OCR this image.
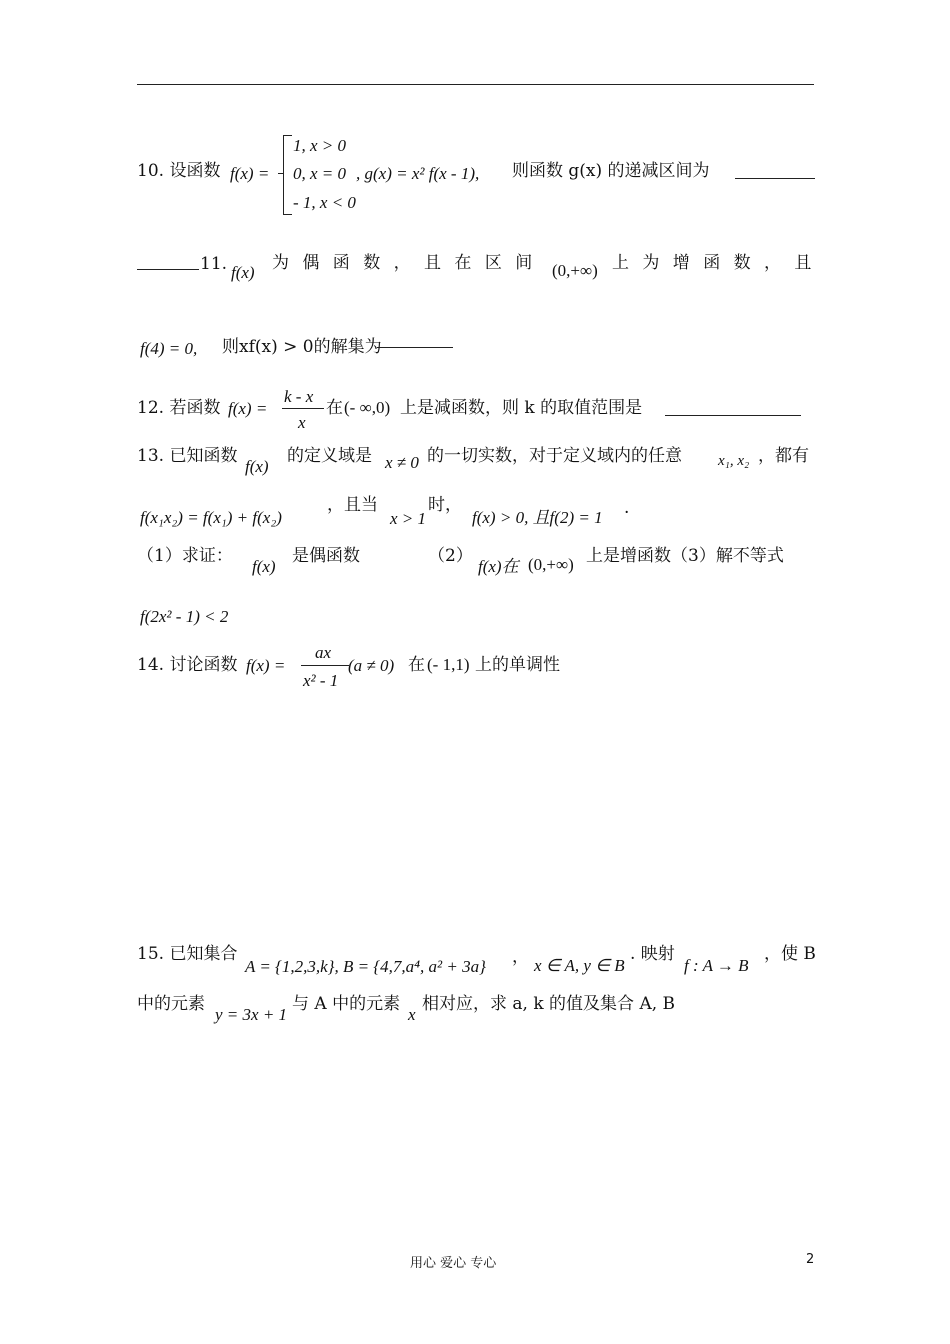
10. 设函数 f(x) =
1, x > 0
0, x = 0
- 1, x < 0
, g(x) = x² f(x - 1), 则函数 g(x) 的递减区间为
11. f(x) 为 偶 函 数 ， 且 在 区 间 (0,+∞) 上 为 增 函 数 ， 且
f(4) = 0, 则xf(x) > 0的解集为
12. 若函数 f(x) =
k - x
x
在 (- ∞,0) 上是减函数，则 k 的取值范围是
13. 已知函数
f(x)
的定义域是 x ≠ 0 的一切实数，对于定义域内的任意 x₁, x₂ ，都有
f(x₁x₂) = f(x₁) + f(x₂)
，且当
x > 1
时，
f(x) > 0, 且f(2) = 1 ·
（1）求证：
f(x)
是偶函数	（2）
f(x)在 (0,+∞) 上是增函数（3）解不等式
f(2x² - 1) < 2
14. 讨论函数 f(x) =
ax
x² - 1
(a ≠ 0) 在 (- 1,1) 上的单调性
15. 已知集合
A = {1,2,3,k}, B = {4,7,a⁴, a² + 3a} ， x ∈ A, y ∈ B
. 映射
f : A → B
，使 B
中的元素
y = 3x + 1
与 A 中的元素
x
相对应，求 a, k 的值及集合 A, B
用心 爱心 专心	2
